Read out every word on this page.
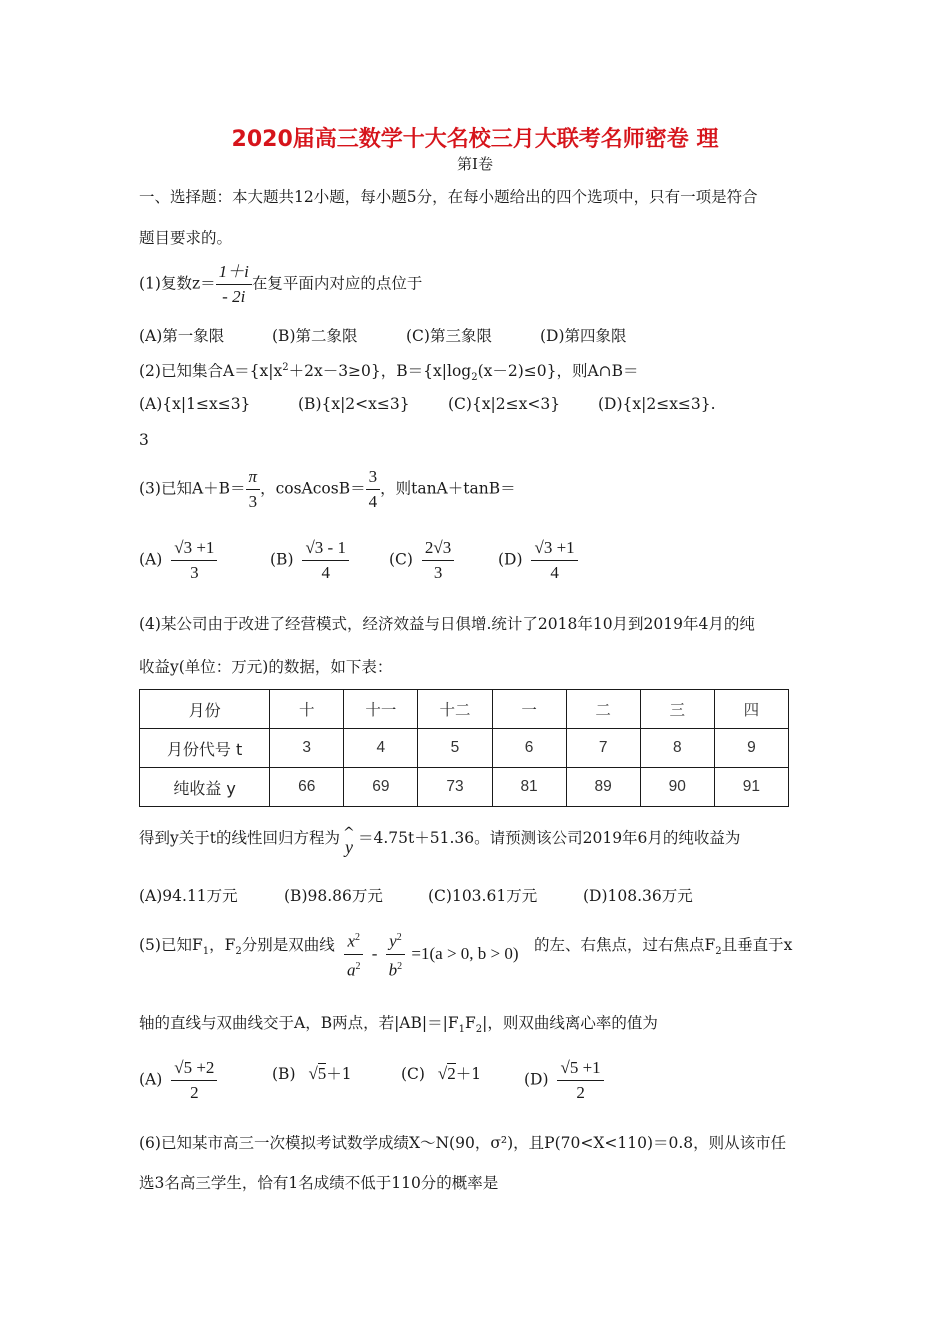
2020届高三数学十大名校三月大联考名师密卷 理
第Ⅰ卷
一、选择题：本大题共12小题，每小题5分，在每小题给出的四个选项中，只有一项是符合
题目要求的。
(1)复数$z= \frac{1+i}{- 2i}$ 在复平面内对应的点位于
(A)第一象限	(B)第二象限	(C)第三象限	(D)第四象限
(2)已知集合$A=\{x|x^2+2x-3\ge 0\}$，$B=\{x|\log_2(x-2)\le 0\}$，则A∩B＝
(A){x|1≤x≤3}	(B){x|2<x≤3} (C){x|2≤x<3} (D){x|2≤x≤3}.
3
(3)已知$A+B= \frac{\pi}{3}$ ，cosAcosB＝ $\frac{3}{4}$ ，则tanA＋tanB＝
$(A) \frac{√3 +1}{3}$	$(B) \frac{√3 - 1}{4}$	$(C) \frac{2√3}{3}$	$(D) \frac{√3 +1}{4}$
(4)某公司由于改进了经营模式，经济效益与日俱增.统计了2018年10月到2019年4月的纯
收益y(单位：万元)的数据，如下表：
月份	十	十一	十二	一	二	三	四
月份代号 t	3	4	5	6	7	8	9
纯收益 y	66	69	73	81	89	90	91
得到y关于t的线性回归方程为 ^
y ＝4.75t＋51.36。请预测该公司2019年6月的纯收益为
(A)94.11万元	(B)98.86万元	(C)103.61万元	(D)108.36万元
(5)已知$F_1$，$F_2$分别是双曲线 $\frac{x^2}{a^2} - \frac{y^2}{b^2} =1(a > 0$, b > 0) 的左、右焦点，过右焦点$F_2$且垂直于x
轴的直线与双曲线交于A，B两点，若$|AB|=|F_1F_2|$，则双曲线离心率的值为
$(A) \frac{√5 +2}{2}$	(B) √5＋1	(C) √2＋1	$(D) \frac{√5 +1}{2}$
(6)已知某市高三一次模拟考试数学成绩X～N(90，σ²)，且P(70<X<110)＝0.8，则从该市任
选3名高三学生，恰有1名成绩不低于110分的概率是
